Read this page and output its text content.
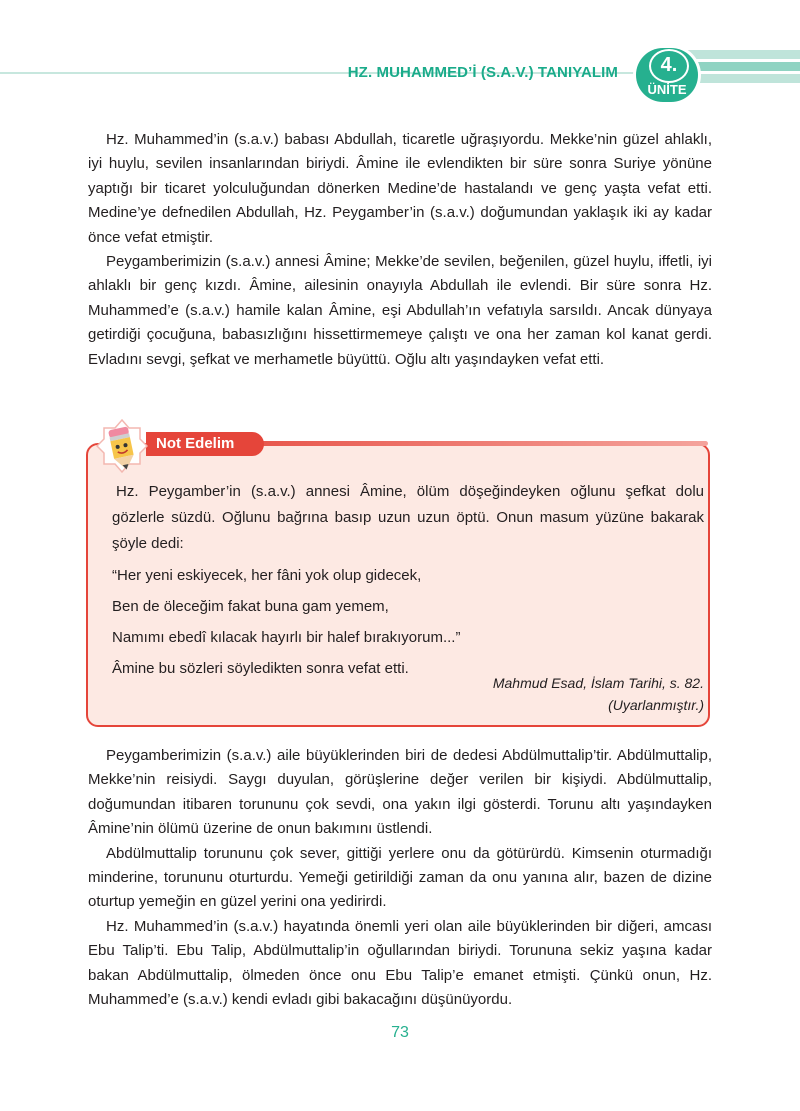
HZ. MUHAMMED’İ (S.A.V.) TANIYALIM	4.
ÜNİTE

Hz. Muhammed’in (s.a.v.) babası Abdullah, ticaretle uğraşıyordu. Mekke’nin güzel ahlaklı, iyi huylu, sevilen insanlarından biriydi. Âmine ile evlendikten bir süre sonra Suriye yönüne yaptığı bir ticaret yolculuğundan dönerken Medine’de hastalandı ve genç yaşta vefat etti. Medine’ye defnedilen Abdullah, Hz. Peygamber’in (s.a.v.) doğumundan yaklaşık iki ay kadar önce vefat etmiştir.

Peygamberimizin (s.a.v.) annesi Âmine; Mekke’de sevilen, beğenilen, güzel huylu, iffetli, iyi ahlaklı bir genç kızdı. Âmine, ailesinin onayıyla Abdullah ile evlendi. Bir süre sonra Hz. Muhammed’e (s.a.v.) hamile kalan Âmine, eşi Abdullah’ın vefatıyla sarsıldı. Ancak dünyaya getirdiği çocuğuna, babasızlığını hissettirmemeye çalıştı ve ona her zaman kol kanat gerdi. Evladını sevgi, şefkat ve merhametle büyüttü. Oğlu altı yaşındayken vefat etti.

Not Edelim

Hz. Peygamber’in (s.a.v.) annesi Âmine, ölüm döşeğindeyken oğlunu şefkat dolu gözlerle süzdü. Oğlunu bağrına basıp uzun uzun öptü. Onun masum yüzüne bakarak şöyle dedi:

“Her yeni eskiyecek, her fâni yok olup gidecek,

Ben de öleceğim fakat buna gam yemem,

Namımı ebedî kılacak hayırlı bir halef bırakıyorum...”

Âmine bu sözleri söyledikten sonra vefat etti.

Mahmud Esad, İslam Tarihi, s. 82.
(Uyarlanmıştır.)

Peygamberimizin (s.a.v.) aile büyüklerinden biri de dedesi Abdülmuttalip’tir. Abdülmuttalip, Mekke’nin reisiydi. Saygı duyulan, görüşlerine değer verilen bir kişiydi. Abdülmuttalip, doğumundan itibaren torununu çok sevdi, ona yakın ilgi gösterdi. Torunu altı yaşındayken Âmine’nin ölümü üzerine de onun bakımını üstlendi.

Abdülmuttalip torununu çok sever, gittiği yerlere onu da götürürdü. Kimsenin oturmadığı minderine, torununu oturturdu. Yemeği getirildiği zaman da onu yanına alır, bazen de dizine oturtup yemeğin en güzel yerini ona yedirirdi.

Hz. Muhammed’in (s.a.v.) hayatında önemli yeri olan aile büyüklerinden bir diğeri, amcası Ebu Talip’ti. Ebu Talip, Abdülmuttalip’in oğullarından biriydi. Torununa sekiz yaşına kadar bakan Abdülmuttalip, ölmeden önce onu Ebu Talip’e emanet etmişti. Çünkü onun, Hz. Muhammed’e (s.a.v.) kendi evladı gibi bakacağını düşünüyordu.

73
